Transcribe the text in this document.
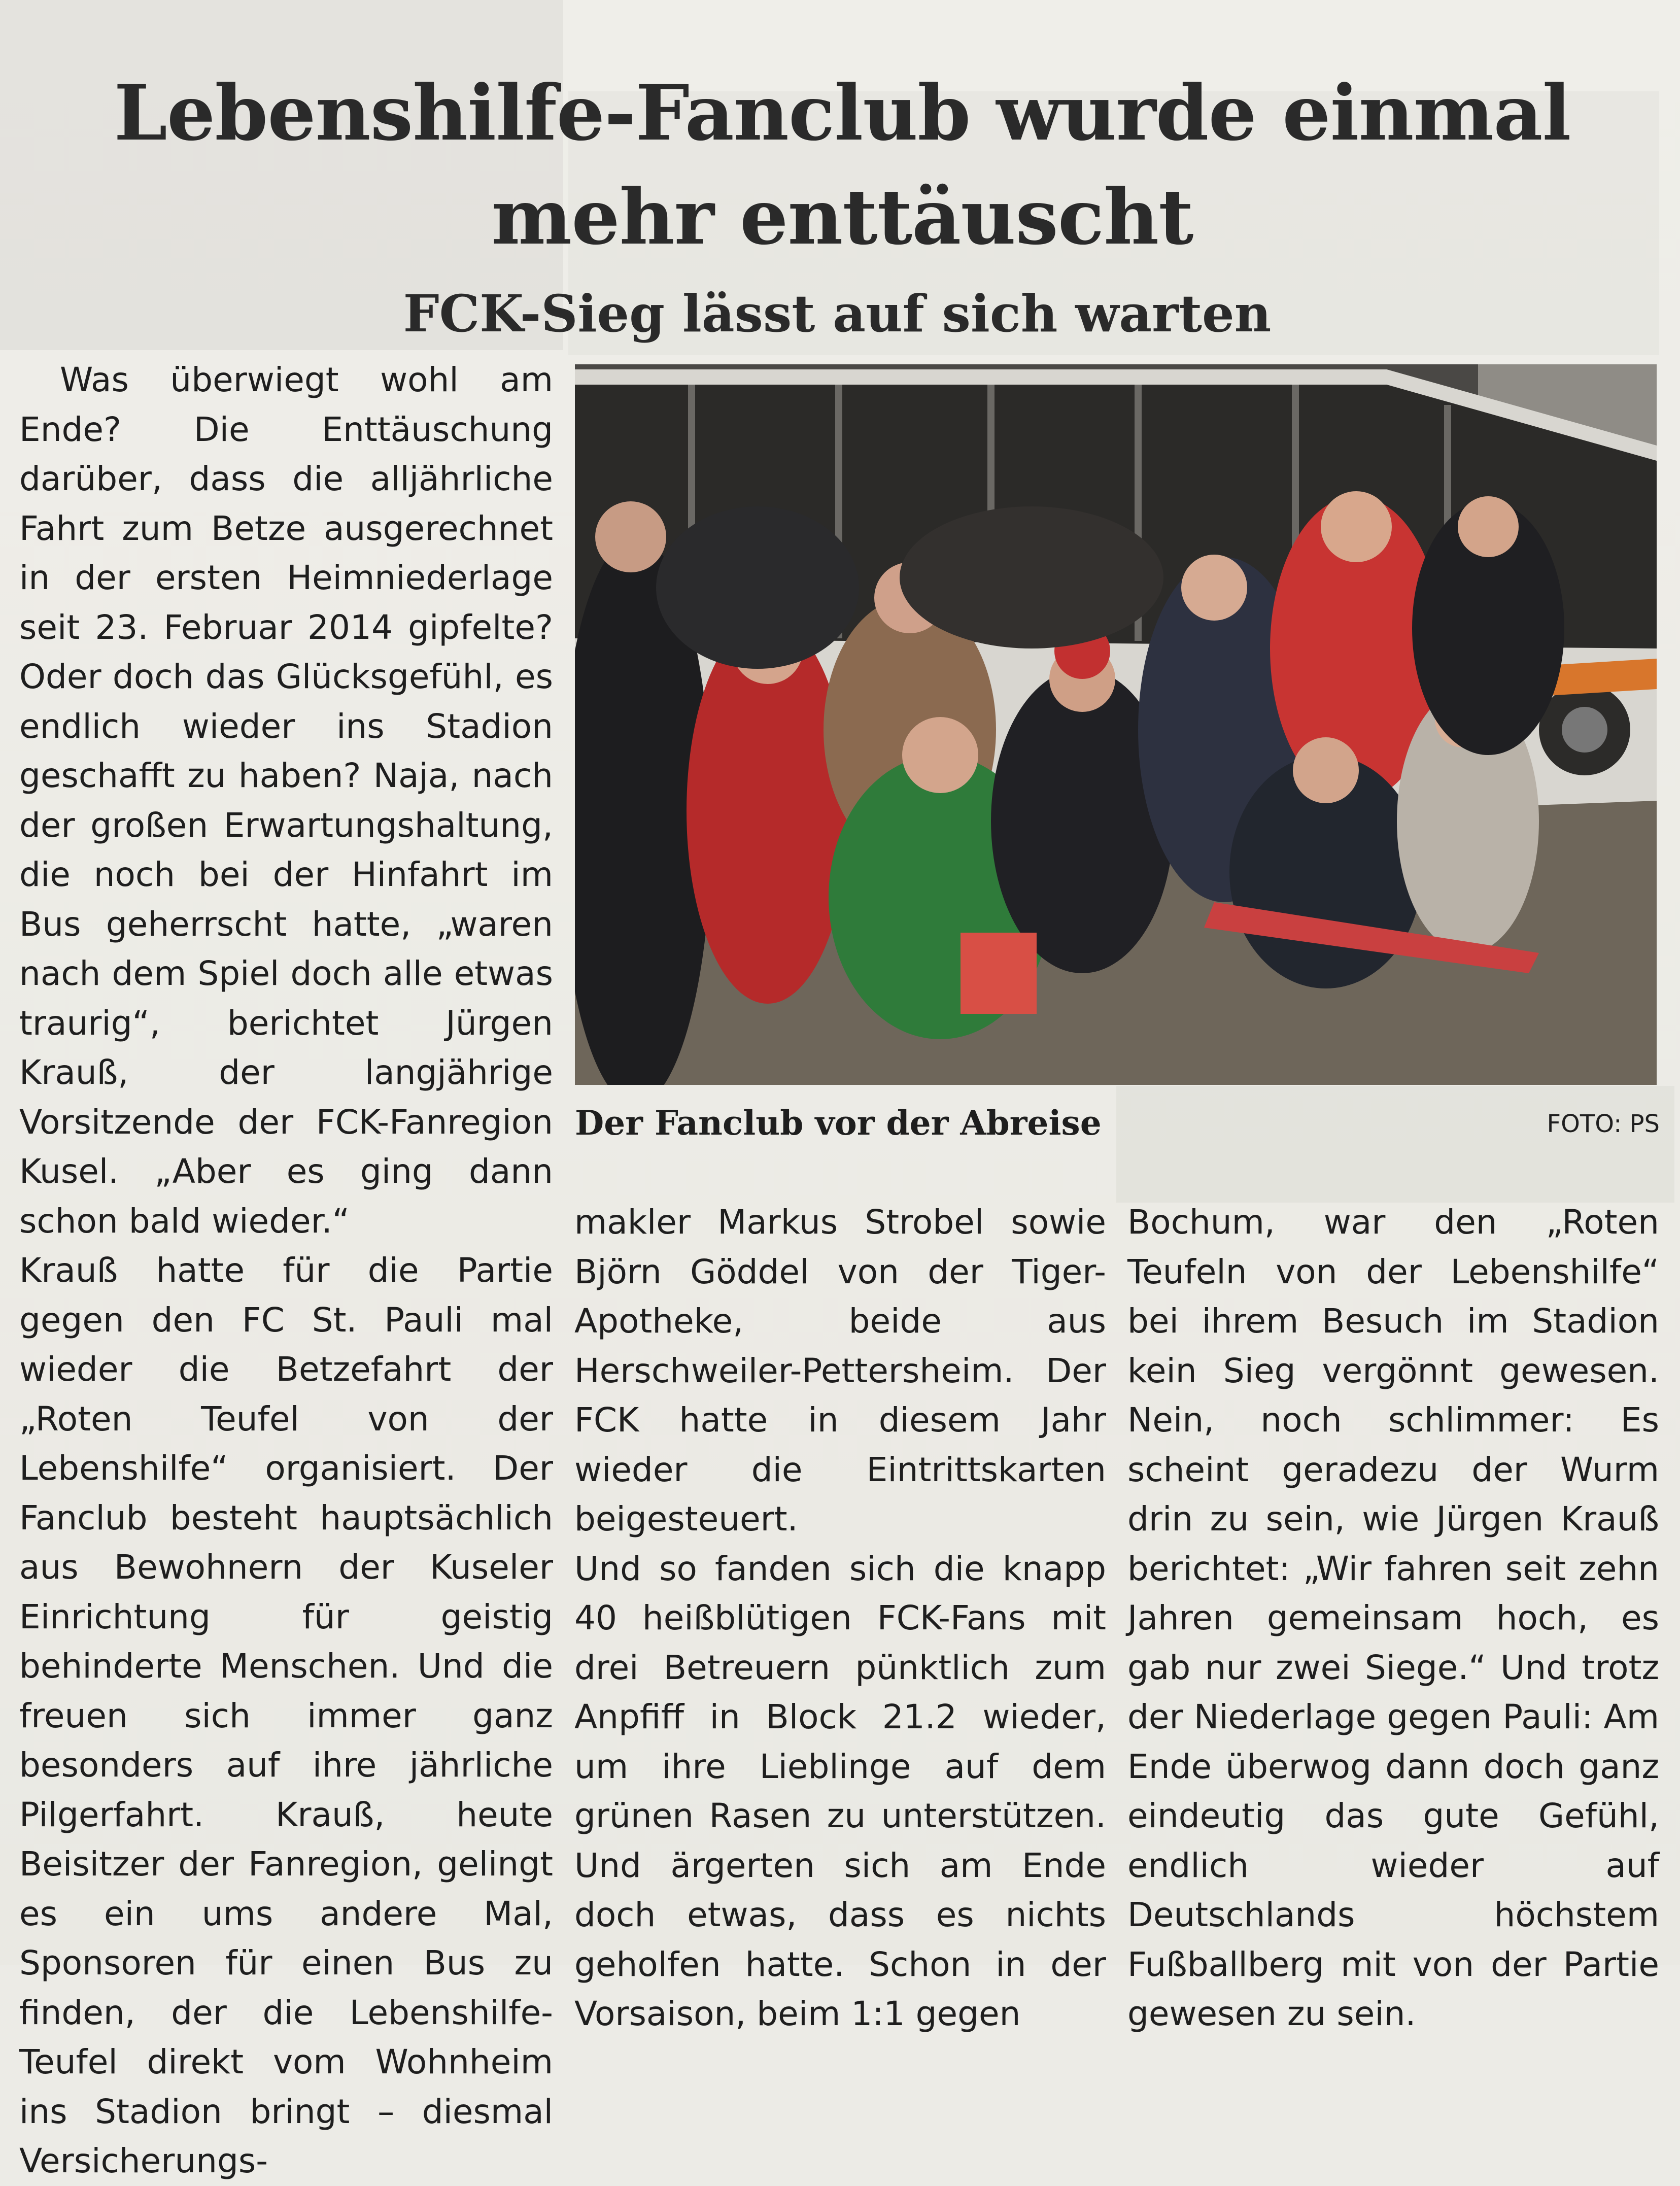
Lebenshilfe-Fanclub wurde einmal mehr enttäuscht
FCK-Sieg lässt auf sich warten
Der Fanclub vor der Abreise	FOTO: PS

Was überwiegt wohl am Ende? Die Enttäuschung darüber, dass die alljährliche Fahrt zum Betze ausgerechnet in der ersten Heimniederlage seit 23. Februar 2014 gipfelte? Oder doch das Glücksgefühl, es endlich wieder ins Stadion geschafft zu haben? Naja, nach der großen Erwartungshaltung, die noch bei der Hinfahrt im Bus geherrscht hatte, „waren nach dem Spiel doch alle etwas traurig“, berichtet Jürgen Krauß, der langjährige Vorsitzende der FCK-Fanregion Kusel. „Aber es ging dann schon bald wieder.“

Krauß hatte für die Partie gegen den FC St. Pauli mal wieder die Betzefahrt der „Roten Teufel von der Lebenshilfe“ organisiert. Der Fanclub besteht hauptsächlich aus Bewohnern der Kuseler Einrichtung für geistig behinderte Menschen. Und die freuen sich immer ganz besonders auf ihre jährliche Pilgerfahrt. Krauß, heute Beisitzer der Fanregion, gelingt es ein ums andere Mal, Sponsoren für einen Bus zu finden, der die Lebenshilfe-Teufel direkt vom Wohnheim ins Stadion bringt – diesmal Versicherungs-

makler Markus Strobel sowie Björn Göddel von der Tiger-Apotheke, beide aus Herschweiler-Pettersheim. Der FCK hatte in diesem Jahr wieder die Eintrittskarten beigesteuert.

Und so fanden sich die knapp 40 heißblütigen FCK-Fans mit drei Betreuern pünktlich zum Anpfiff in Block 21.2 wieder, um ihre Lieblinge auf dem grünen Rasen zu unterstützen. Und ärgerten sich am Ende doch etwas, dass es nichts geholfen hatte. Schon in der Vorsaison, beim 1:1 gegen

Bochum, war den „Roten Teufeln von der Lebenshilfe“ bei ihrem Besuch im Stadion kein Sieg vergönnt gewesen. Nein, noch schlimmer: Es scheint geradezu der Wurm drin zu sein, wie Jürgen Krauß berichtet: „Wir fahren seit zehn Jahren gemeinsam hoch, es gab nur zwei Siege.“ Und trotz der Niederlage gegen Pauli: Am Ende überwog dann doch ganz eindeutig das gute Gefühl, endlich wieder auf Deutschlands höchstem Fußballberg mit von der Partie gewesen zu sein.
